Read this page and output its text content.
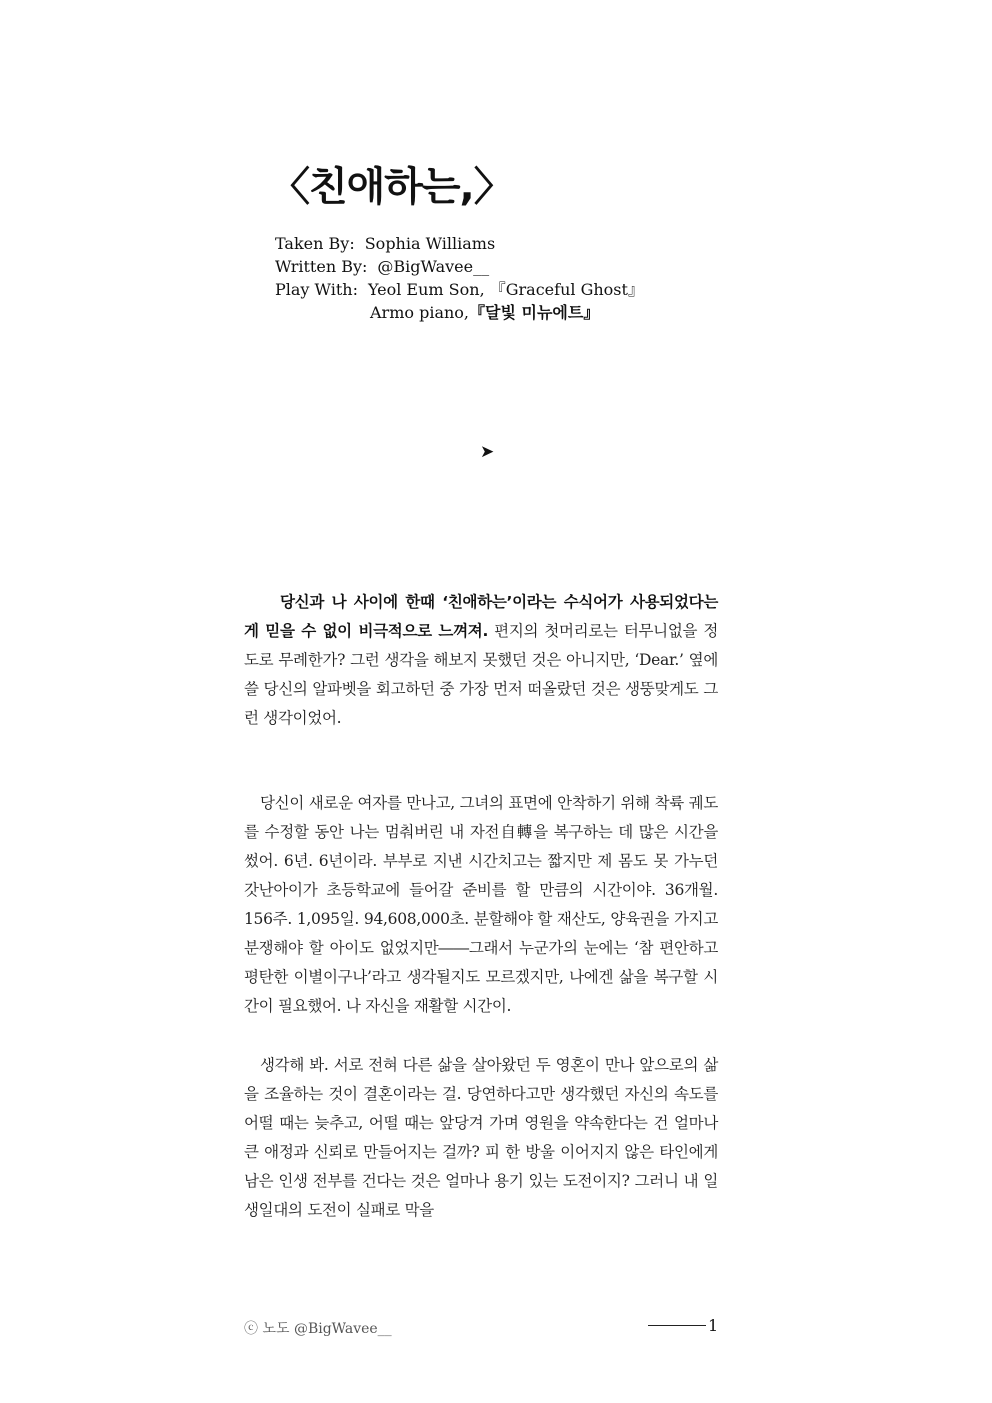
〈친애하는,〉
Taken By: Sophia Williams
Written By: @BigWavee__
Play With: Yeol Eum Son, 『Graceful Ghost』
Armo piano,『달빛 미뉴에트』
➤

당신과 나 사이에 한때 ‘친애하는’이라는 수식어가 사용되었다는 게 믿을 수 없이 비극적으로 느껴져. 편지의 첫머리로는 터무니없을 정도로 무례한가? 그런 생각을 해보지 못했던 것은 아니지만, ‘Dear.’ 옆에 쓸 당신의 알파벳을 회고하던 중 가장 먼저 떠올랐던 것은 생뚱맞게도 그런 생각이었어.

당신이 새로운 여자를 만나고, 그녀의 표면에 안착하기 위해 착륙 궤도를 수정할 동안 나는 멈춰버린 내 자전自轉을 복구하는 데 많은 시간을 썼어. 6년. 6년이라. 부부로 지낸 시간치고는 짧지만 제 몸도 못 가누던 갓난아이가 초등학교에 들어갈 준비를 할 만큼의 시간이야. 36개월. 156주. 1,095일. 94,608,000초. 분할해야 할 재산도, 양육권을 가지고 분쟁해야 할 아이도 없었지만――그래서 누군가의 눈에는 ‘참 편안하고 평탄한 이별이구나’라고 생각될지도 모르겠지만, 나에겐 삶을 복구할 시간이 필요했어. 나 자신을 재활할 시간이.

생각해 봐. 서로 전혀 다른 삶을 살아왔던 두 영혼이 만나 앞으로의 삶을 조율하는 것이 결혼이라는 걸. 당연하다고만 생각했던 자신의 속도를 어떨 때는 늦추고, 어떨 때는 앞당겨 가며 영원을 약속한다는 건 얼마나 큰 애정과 신뢰로 만들어지는 걸까? 피 한 방울 이어지지 않은 타인에게 남은 인생 전부를 건다는 것은 얼마나 용기 있는 도전이지? 그러니 내 일생일대의 도전이 실패로 막을

ⓒ 노도 @BigWavee__	1
